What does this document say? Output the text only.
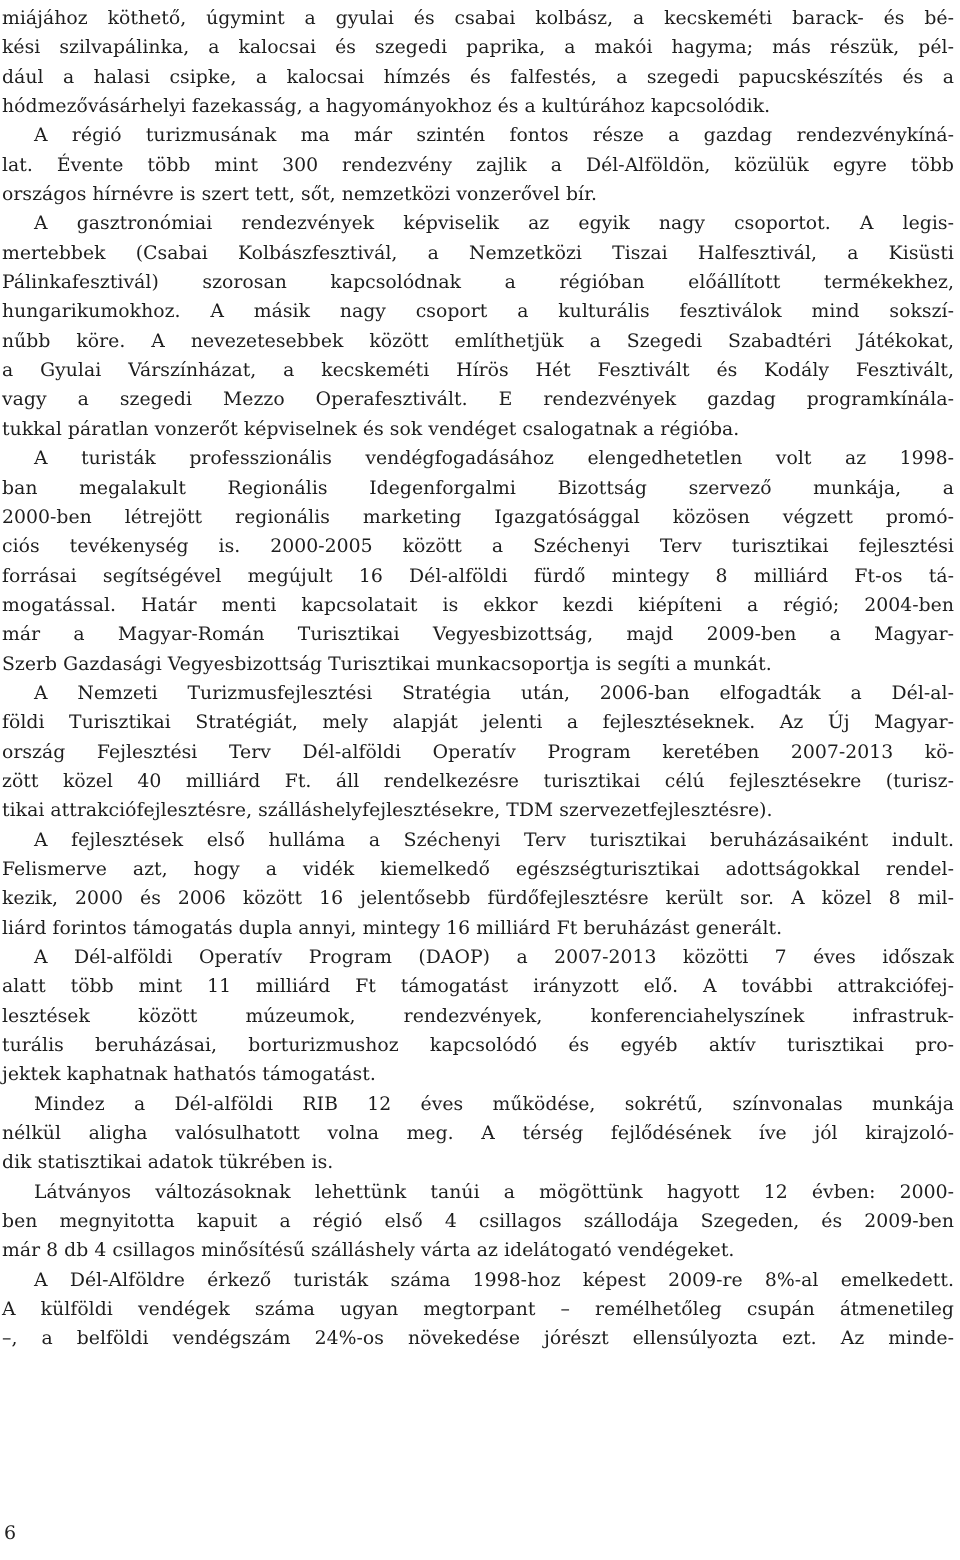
miájához köthető, úgymint a gyulai és csabai kolbász, a kecskeméti barack- és bé-
kési szilvapálinka, a kalocsai és szegedi paprika, a makói hagyma; más részük, pél-
dául a halasi csipke, a kalocsai hímzés és falfestés, a szegedi papucskészítés és a
hódmezővásárhelyi fazekasság, a hagyományokhoz és a kultúrához kapcsolódik.
A régió turizmusának ma már szintén fontos része a gazdag rendezvénykíná-
lat. Évente több mint 300 rendezvény zajlik a Dél-Alföldön, közülük egyre több
országos hírnévre is szert tett, sőt, nemzetközi vonzerővel bír.
A gasztronómiai rendezvények képviselik az egyik nagy csoportot. A legis-
mertebbek (Csabai Kolbászfesztivál, a Nemzetközi Tiszai Halfesztivál, a Kisüsti
Pálinkafesztivál) szorosan kapcsolódnak a régióban előállított termékekhez,
hungarikumokhoz. A másik nagy csoport a kulturális fesztiválok mind sokszí-
nűbb köre. A nevezetesebbek között említhetjük a Szegedi Szabadtéri Játékokat,
a Gyulai Várszínházat, a kecskeméti Hírös Hét Fesztivált és Kodály Fesztivált,
vagy a szegedi Mezzo Operafesztivált. E rendezvények gazdag programkínála-
tukkal páratlan vonzerőt képviselnek és sok vendéget csalogatnak a régióba.
A turisták professzionális vendégfogadásához elengedhetetlen volt az 1998-
ban megalakult Regionális Idegenforgalmi Bizottság szervező munkája, a
2000-ben létrejött regionális marketing Igazgatósággal közösen végzett promó-
ciós tevékenység is. 2000-2005 között a Széchenyi Terv turisztikai fejlesztési
forrásai segítségével megújult 16 Dél-alföldi fürdő mintegy 8 milliárd Ft-os tá-
mogatással. Határ menti kapcsolatait is ekkor kezdi kiépíteni a régió; 2004-ben
már a Magyar-Román Turisztikai Vegyesbizottság, majd 2009-ben a Magyar-
Szerb Gazdasági Vegyesbizottság Turisztikai munkacsoportja is segíti a munkát.
A Nemzeti Turizmusfejlesztési Stratégia után, 2006-ban elfogadták a Dél-al-
földi Turisztikai Stratégiát, mely alapját jelenti a fejlesztéseknek. Az Új Magyar-
ország Fejlesztési Terv Dél-alföldi Operatív Program keretében 2007-2013 kö-
zött közel 40 milliárd Ft. áll rendelkezésre turisztikai célú fejlesztésekre (turisz-
tikai attrakciófejlesztésre, szálláshelyfejlesztésekre, TDM szervezetfejlesztésre).
A fejlesztések első hulláma a Széchenyi Terv turisztikai beruházásaiként indult.
Felismerve azt, hogy a vidék kiemelkedő egészségturisztikai adottságokkal rendel-
kezik, 2000 és 2006 között 16 jelentősebb fürdőfejlesztésre került sor. A közel 8 mil-
liárd forintos támogatás dupla annyi, mintegy 16 milliárd Ft beruházást generált.
A Dél-alföldi Operatív Program (DAOP) a 2007-2013 közötti 7 éves időszak
alatt több mint 11 milliárd Ft támogatást irányzott elő. A további attrakciófej-
lesztések között múzeumok, rendezvények, konferenciahelyszínek infrastruk-
turális beruházásai, borturizmushoz kapcsolódó és egyéb aktív turisztikai pro-
jektek kaphatnak hathatós támogatást.
Mindez a Dél-alföldi RIB 12 éves működése, sokrétű, színvonalas munkája
nélkül aligha valósulhatott volna meg. A térség fejlődésének íve jól kirajzoló-
dik statisztikai adatok tükrében is.
Látványos változásoknak lehettünk tanúi a mögöttünk hagyott 12 évben: 2000-
ben megnyitotta kapuit a régió első 4 csillagos szállodája Szegeden, és 2009-ben
már 8 db 4 csillagos minősítésű szálláshely várta az idelátogató vendégeket.
A Dél-Alföldre érkező turisták száma 1998-hoz képest 2009-re 8%-al emelkedett.
A külföldi vendégek száma ugyan megtorpant – remélhetőleg csupán átmenetileg
–, a belföldi vendégszám 24%-os növekedése jórészt ellensúlyozta ezt. Az minde-
6
